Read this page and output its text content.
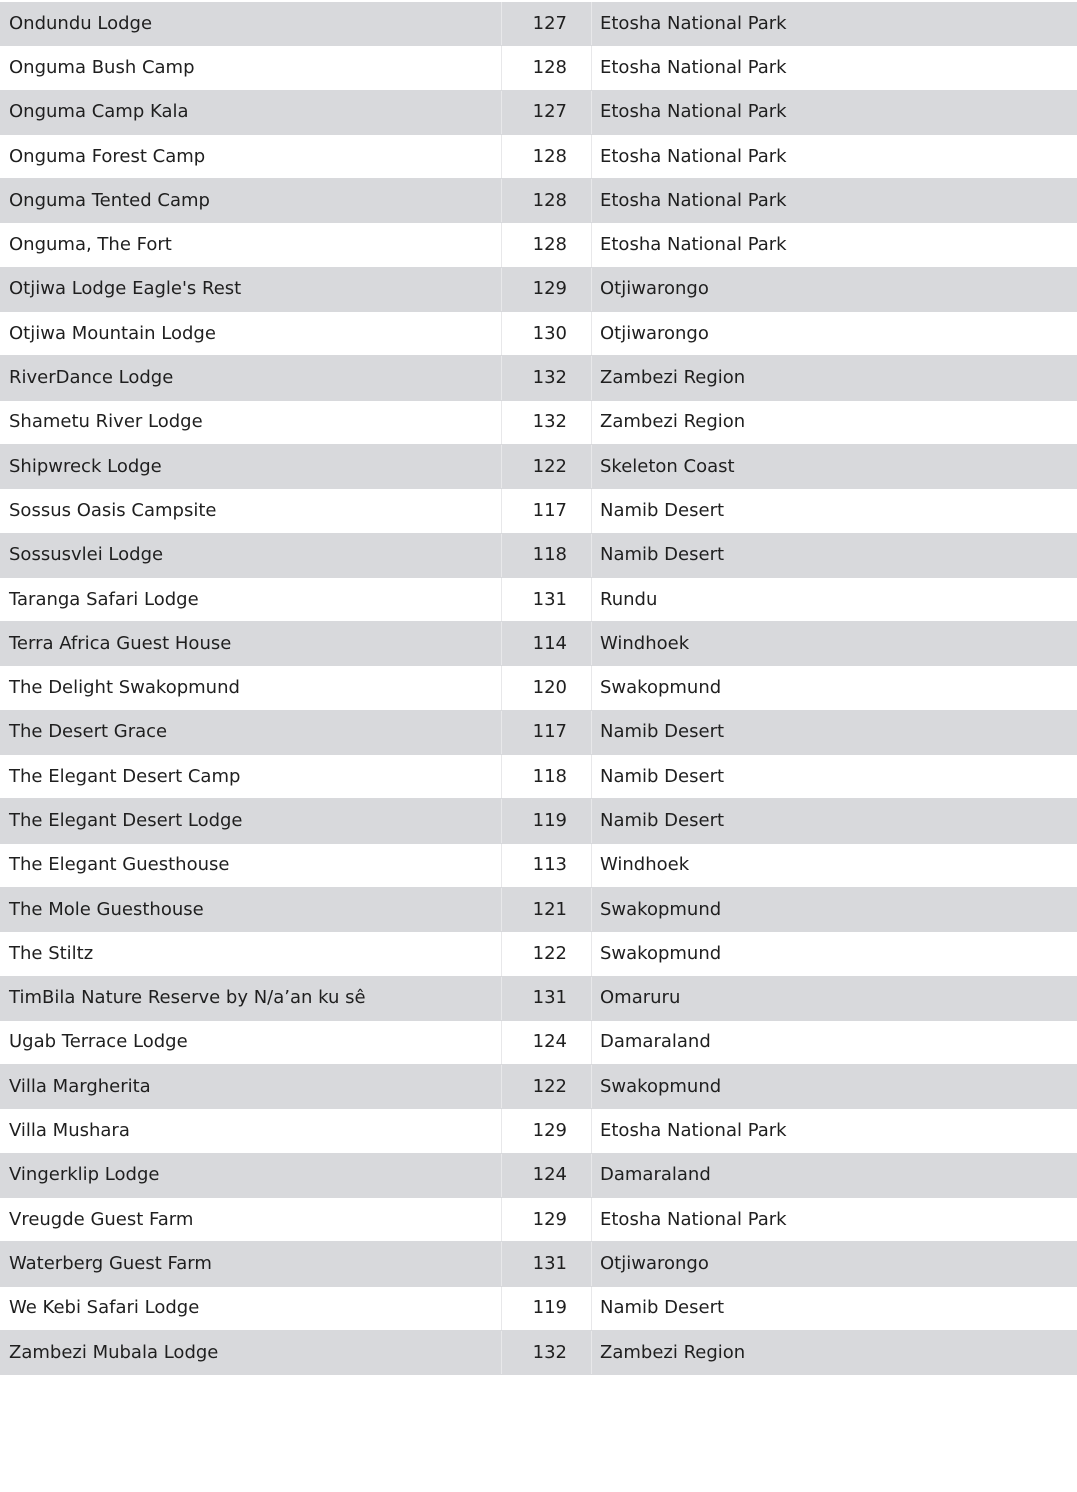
Ondundu Lodge	127	Etosha National Park
Onguma Bush Camp	128	Etosha National Park
Onguma Camp Kala	127	Etosha National Park
Onguma Forest Camp	128	Etosha National Park
Onguma Tented Camp	128	Etosha National Park
Onguma, The Fort	128	Etosha National Park
Otjiwa Lodge Eagle's Rest	129	Otjiwarongo
Otjiwa Mountain Lodge	130	Otjiwarongo
RiverDance Lodge	132	Zambezi Region
Shametu River Lodge	132	Zambezi Region
Shipwreck Lodge	122	Skeleton Coast
Sossus Oasis Campsite	117	Namib Desert
Sossusvlei Lodge	118	Namib Desert
Taranga Safari Lodge	131	Rundu
Terra Africa Guest House	114	Windhoek
The Delight Swakopmund	120	Swakopmund
The Desert Grace	117	Namib Desert
The Elegant Desert Camp	118	Namib Desert
The Elegant Desert Lodge	119	Namib Desert
The Elegant Guesthouse	113	Windhoek
The Mole Guesthouse	121	Swakopmund
The Stiltz	122	Swakopmund
TimBila Nature Reserve by N/a’an ku sê	131	Omaruru
Ugab Terrace Lodge	124	Damaraland
Villa Margherita	122	Swakopmund
Villa Mushara	129	Etosha National Park
Vingerklip Lodge	124	Damaraland
Vreugde Guest Farm	129	Etosha National Park
Waterberg Guest Farm	131	Otjiwarongo
We Kebi Safari Lodge	119	Namib Desert
Zambezi Mubala Lodge	132	Zambezi Region
